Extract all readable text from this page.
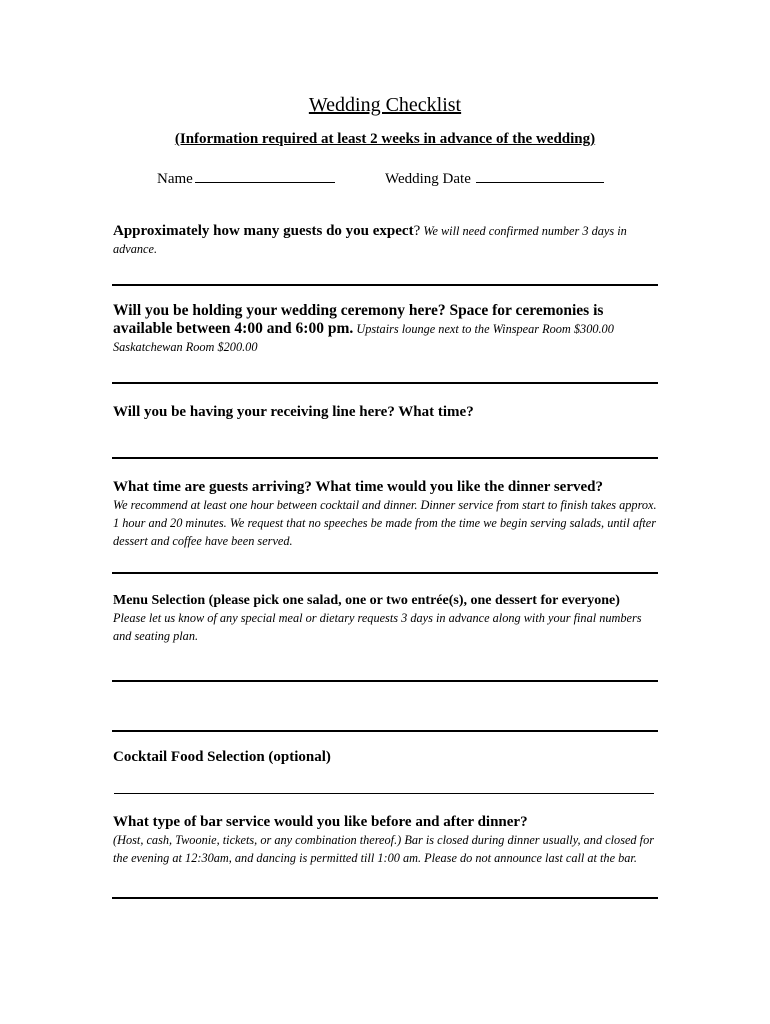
Wedding Checklist
(Information required at least 2 weeks in advance of the wedding)
Name	Wedding Date
Approximately how many guests do you expect? We will need confirmed number 3 days in advance.
Will you be holding your wedding ceremony here? Space for ceremonies is available between 4:00 and 6:00 pm. Upstairs lounge next to the Winspear Room $300.00
Saskatchewan Room $200.00
Will you be having your receiving line here? What time?
What time are guests arriving? What time would you like the dinner served?
We recommend at least one hour between cocktail and dinner. Dinner service from start to finish takes approx. 1 hour and 20 minutes. We request that no speeches be made from the time we begin serving salads, until after dessert and coffee have been served.
Menu Selection (please pick one salad, one or two entrée(s), one dessert for everyone)
Please let us know of any special meal or dietary requests 3 days in advance along with your final numbers and seating plan.
Cocktail Food Selection (optional)
What type of bar service would you like before and after dinner?
(Host, cash, Twoonie, tickets, or any combination thereof.) Bar is closed during dinner usually, and closed for the evening at 12:30am, and dancing is permitted till 1:00 am. Please do not announce last call at the bar.
